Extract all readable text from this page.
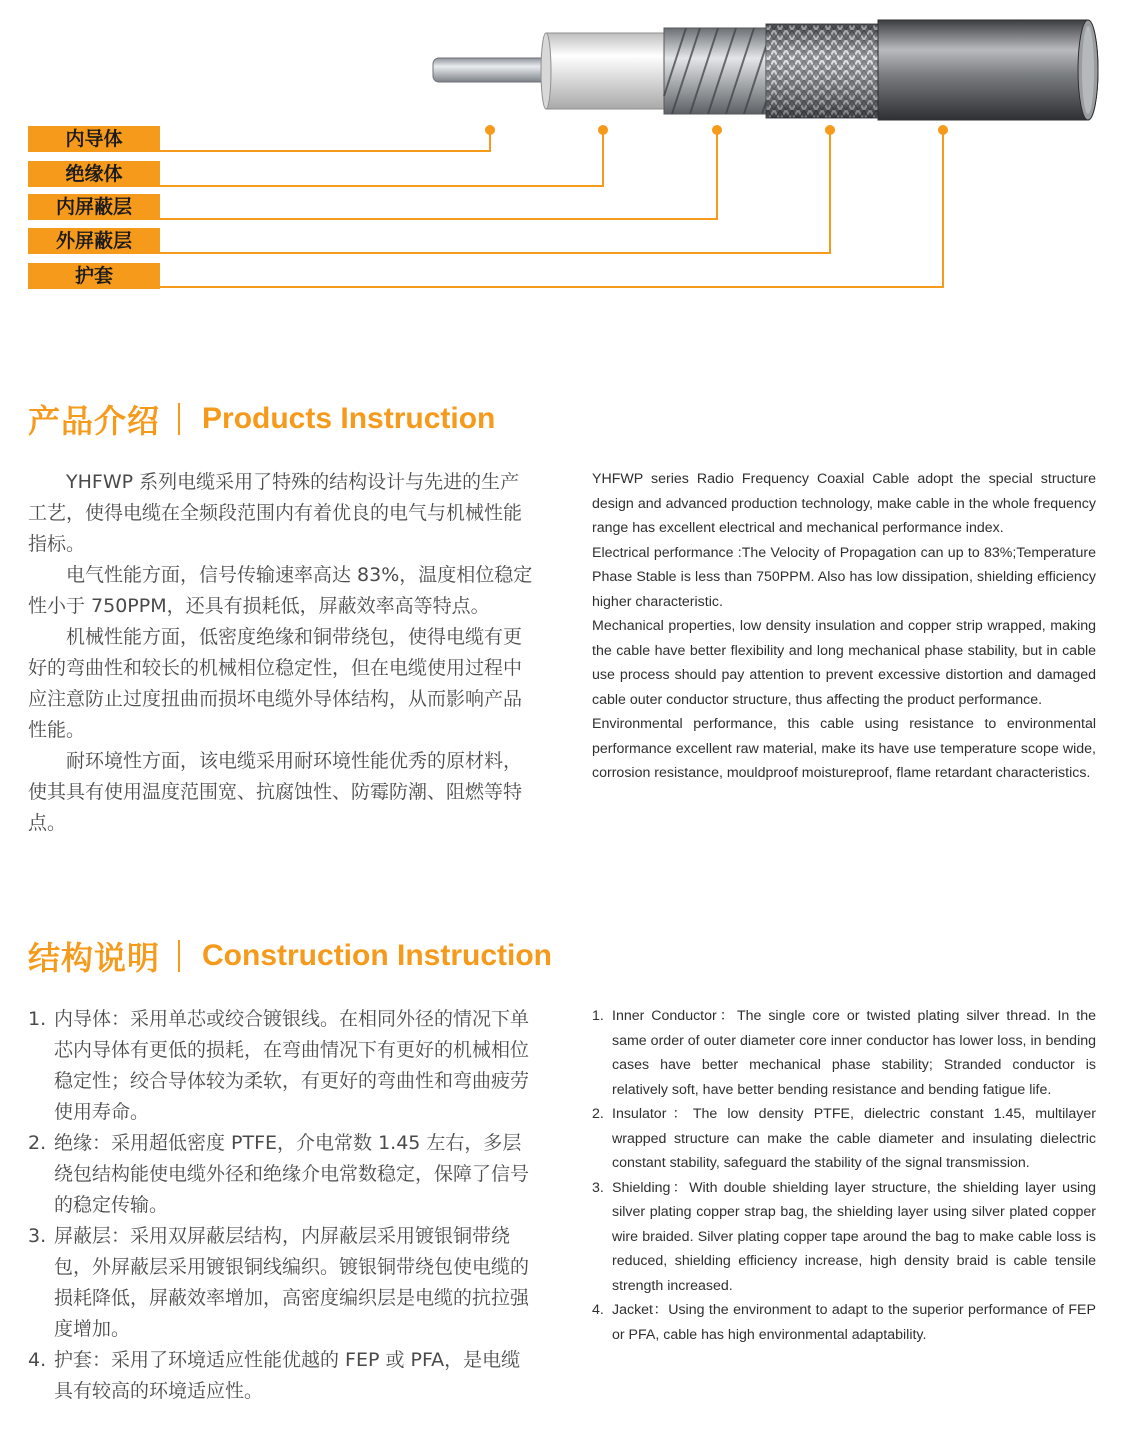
内导体
绝缘体
内屏蔽层
外屏蔽层
护套
产品介绍 Products Instruction

YHFWP 系列电缆采用了特殊的结构设计与先进的生产工艺，使得电缆在全频段范围内有着优良的电气与机械性能指标。

电气性能方面，信号传输速率高达 83%，温度相位稳定性小于 750PPM，还具有损耗低，屏蔽效率高等特点。

机械性能方面，低密度绝缘和铜带绕包，使得电缆有更好的弯曲性和较长的机械相位稳定性，但在电缆使用过程中应注意防止过度扭曲而损坏电缆外导体结构，从而影响产品性能。

耐环境性方面，该电缆采用耐环境性能优秀的原材料，使其具有使用温度范围宽、抗腐蚀性、防霉防潮、阻燃等特点。

YHFWP series Radio Frequency Coaxial Cable adopt the special structure design and advanced production technology, make cable in the whole frequency range has excellent electrical and mechanical performance index.

Electrical performance :The Velocity of Propagation can up to 83%;Temperature Phase Stable is less than 750PPM. Also has low dissipation, shielding efficiency higher characteristic.

Mechanical properties, low density insulation and copper strip wrapped, making the cable have better flexibility and long mechanical phase stability, but in cable use process should pay attention to prevent excessive distortion and damaged cable outer conductor structure, thus affecting the product performance.

Environmental performance, this cable using resistance to environmental performance excellent raw material, make its have use temperature scope wide, corrosion resistance, mouldproof moistureproof, flame retardant characteristics.

结构说明 Construction Instruction
1. 内导体：采用单芯或绞合镀银线。在相同外径的情况下单芯内导体有更低的损耗，在弯曲情况下有更好的机械相位稳定性；绞合导体较为柔软，有更好的弯曲性和弯曲疲劳使用寿命。
2. 绝缘：采用超低密度 PTFE，介电常数 1.45 左右，多层绕包结构能使电缆外径和绝缘介电常数稳定，保障了信号的稳定传输。
3. 屏蔽层：采用双屏蔽层结构，内屏蔽层采用镀银铜带绕包，外屏蔽层采用镀银铜线编织。镀银铜带绕包使电缆的损耗降低，屏蔽效率增加，高密度编织层是电缆的抗拉强度增加。
4. 护套：采用了环境适应性能优越的 FEP 或 PFA，是电缆具有较高的环境适应性。
1. Inner Conductor：The single core or twisted plating silver thread. In the same order of outer diameter core inner conductor has lower loss, in bending cases have better mechanical phase stability; Stranded conductor is relatively soft, have better bending resistance and bending fatigue life.
2. Insulator：The low density PTFE, dielectric constant 1.45, multilayer wrapped structure can make the cable diameter and insulating dielectric constant stability, safeguard the stability of the signal transmission.
3. Shielding：With double shielding layer structure, the shielding layer using silver plating copper strap bag, the shielding layer using silver plated copper wire braided. Silver plating copper tape around the bag to make cable loss is reduced, shielding efficiency increase, high density braid is cable tensile strength increased.
4. Jacket：Using the environment to adapt to the superior performance of FEP or PFA, cable has high environmental adaptability.
